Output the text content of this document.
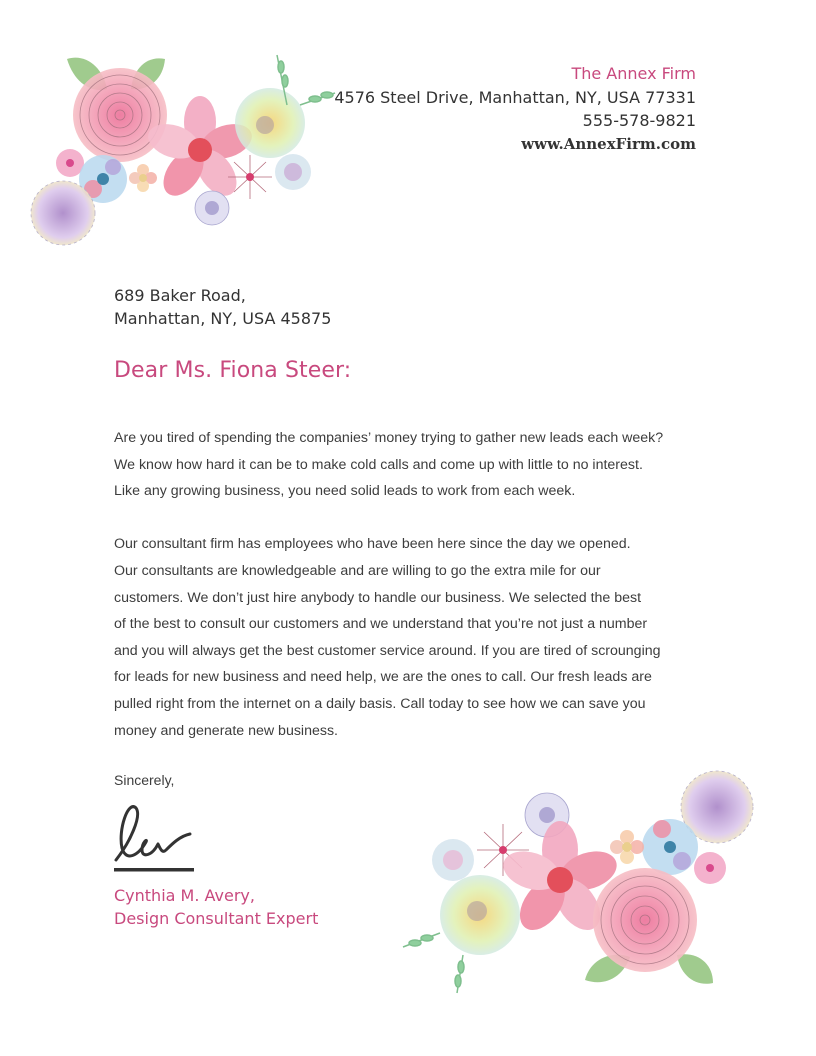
The Annex Firm
4576 Steel Drive, Manhattan, NY, USA 77331
555-578-9821
www.AnnexFirm.com
689 Baker Road,
Manhattan, NY, USA 45875
Dear Ms. Fiona Steer:

Are you tired of spending the companies’ money trying to gather new leads each week?
We know how hard it can be to make cold calls and come up with little to no interest.
Like any growing business, you need solid leads to work from each week.

Our consultant firm has employees who have been here since the day we opened.
Our consultants are knowledgeable and are willing to go the extra mile for our
customers. We don’t just hire anybody to handle our business. We selected the best
of the best to consult our customers and we understand that you’re not just a number
and you will always get the best customer service around. If you are tired of scrounging
for leads for new business and need help, we are the ones to call. Our fresh leads are
pulled right from the internet on a daily basis. Call today to see how we can save you
money and generate new business.

Sincerely,
Cynthia M. Avery,
Design Consultant Expert
